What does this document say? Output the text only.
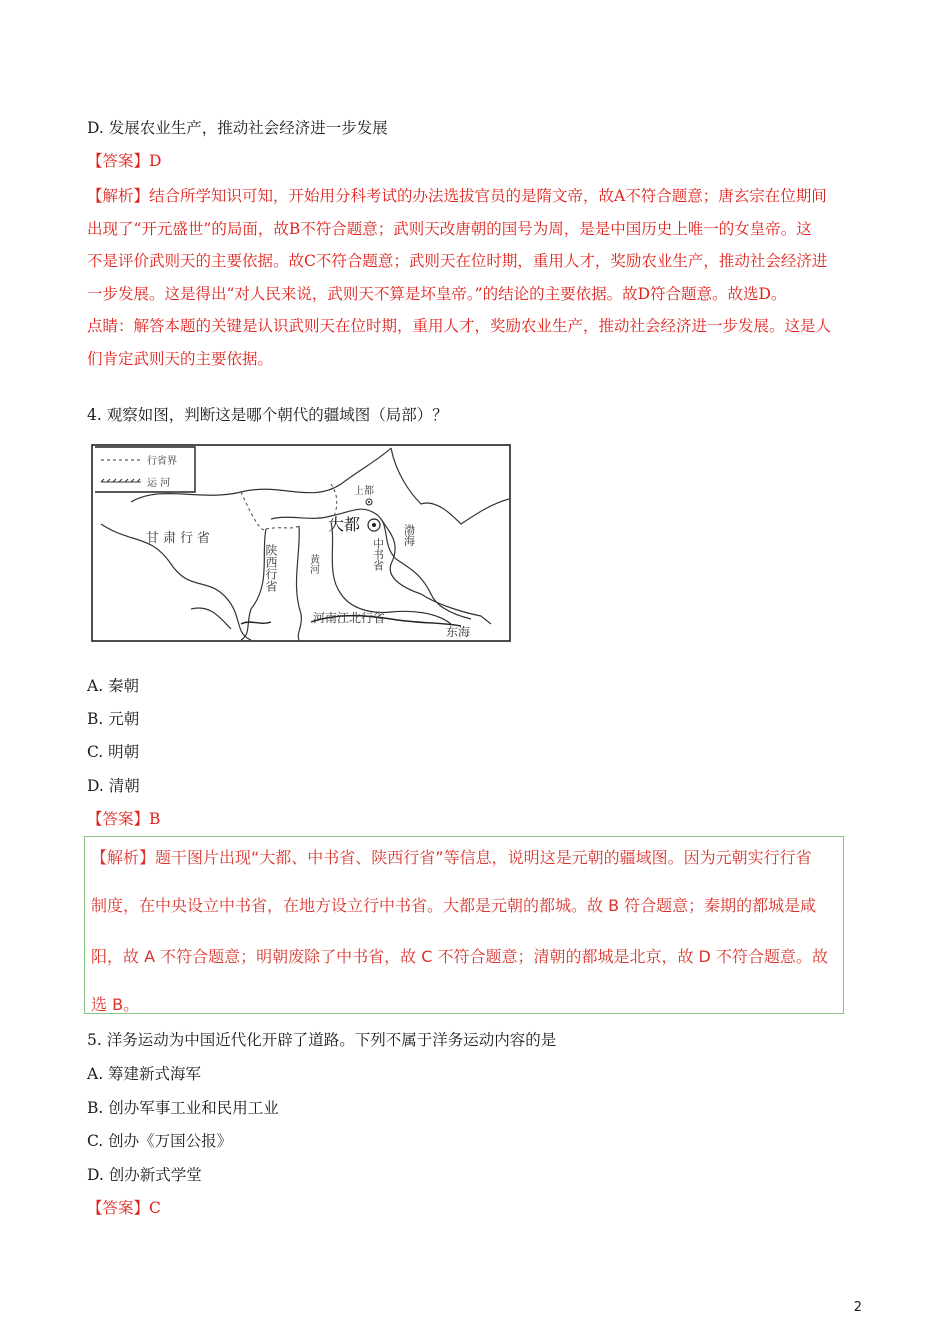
D. 发展农业生产，推动社会经济进一步发展
【答案】D
【解析】结合所学知识可知，开始用分科考试的办法选拔官员的是隋文帝，故A不符合题意；唐玄宗在位期间
出现了“开元盛世”的局面，故B不符合题意；武则天改唐朝的国号为周，是是中国历史上唯一的女皇帝。这
不是评价武则天的主要依据。故C不符合题意；武则天在位时期，重用人才，奖励农业生产，推动社会经济进
一步发展。这是得出“对人民来说，武则天不算是坏皇帝。”的结论的主要依据。故D符合题意。故选D。
点睛：解答本题的关键是认识武则天在位时期，重用人才，奖励农业生产，推动社会经济进一步发展。这是人
们肯定武则天的主要依据。
4. 观察如图，判断这是哪个朝代的疆域图（局部）？
行省界
运 河
上都
大都
甘肃行省
陕西行省	中书省
黄河
河南江北行省
渤海
东海
A. 秦朝
B. 元朝
C. 明朝
D. 清朝
【答案】B
【解析】题干图片出现“大都、中书省、陕西行省”等信息，说明这是元朝的疆域图。因为元朝实行行省
制度，在中央设立中书省，在地方设立行中书省。大都是元朝的都城。故 B 符合题意；秦期的都城是咸
阳，故 A 不符合题意；明朝废除了中书省，故 C 不符合题意；清朝的都城是北京，故 D 不符合题意。故
选 B。
5. 洋务运动为中国近代化开辟了道路。下列不属于洋务运动内容的是
A. 筹建新式海军
B. 创办军事工业和民用工业
C. 创办《万国公报》
D. 创办新式学堂
【答案】C
2
